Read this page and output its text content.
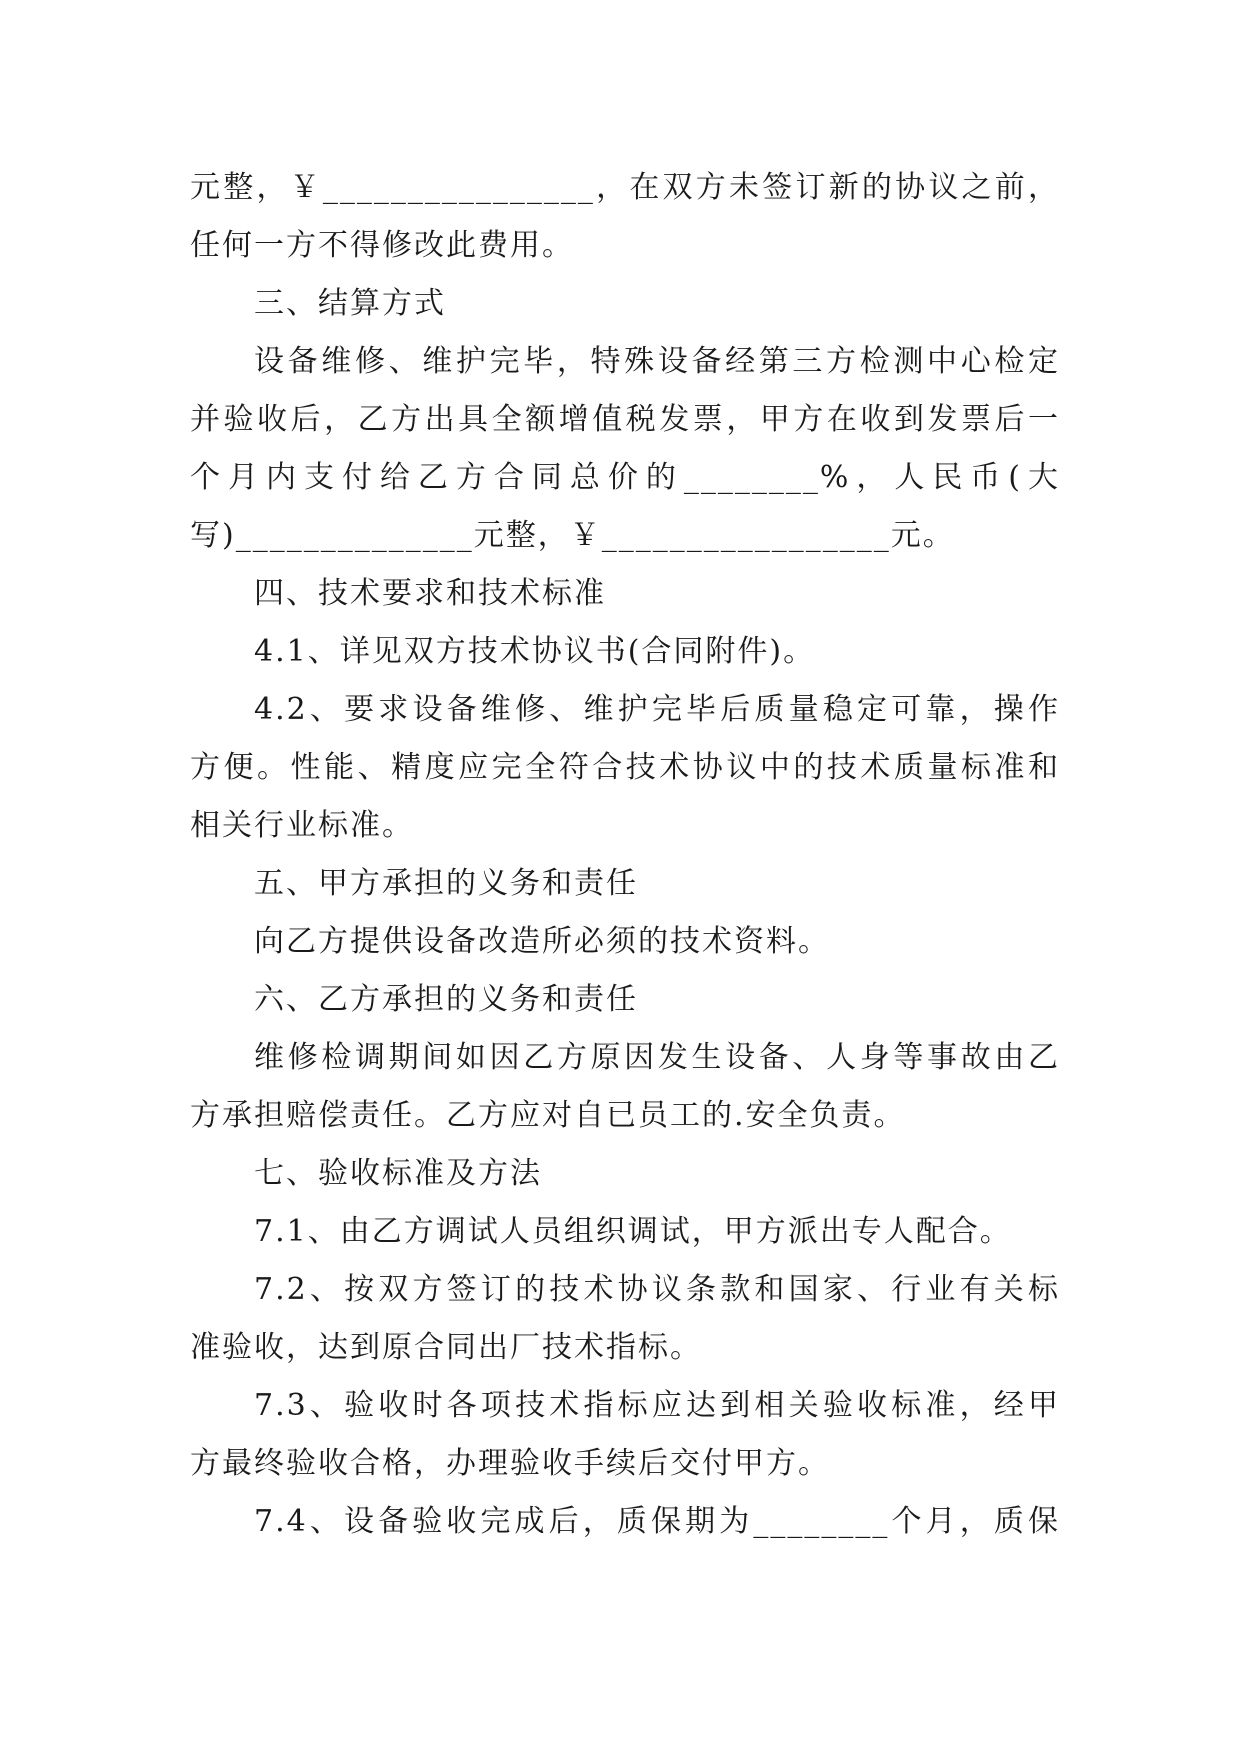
元整，￥________________，在双方未签订新的协议之前，
任何一方不得修改此费用。
三、结算方式
设备维修、维护完毕，特殊设备经第三方检测中心检定
并验收后，乙方出具全额增值税发票，甲方在收到发票后一
个月内支付给乙方合同总价的________%，人民币(大
写)______________元整，￥_________________元。
四、技术要求和技术标准
4.1、详见双方技术协议书(合同附件)。
4.2、要求设备维修、维护完毕后质量稳定可靠，操作
方便。性能、精度应完全符合技术协议中的技术质量标准和
相关行业标准。
五、甲方承担的义务和责任
向乙方提供设备改造所必须的技术资料。
六、乙方承担的义务和责任
维修检调期间如因乙方原因发生设备、人身等事故由乙
方承担赔偿责任。乙方应对自已员工的.安全负责。
七、验收标准及方法
7.1、由乙方调试人员组织调试，甲方派出专人配合。
7.2、按双方签订的技术协议条款和国家、行业有关标
准验收，达到原合同出厂技术指标。
7.3、验收时各项技术指标应达到相关验收标准，经甲
方最终验收合格，办理验收手续后交付甲方。
7.4、设备验收完成后，质保期为________个月，质保
